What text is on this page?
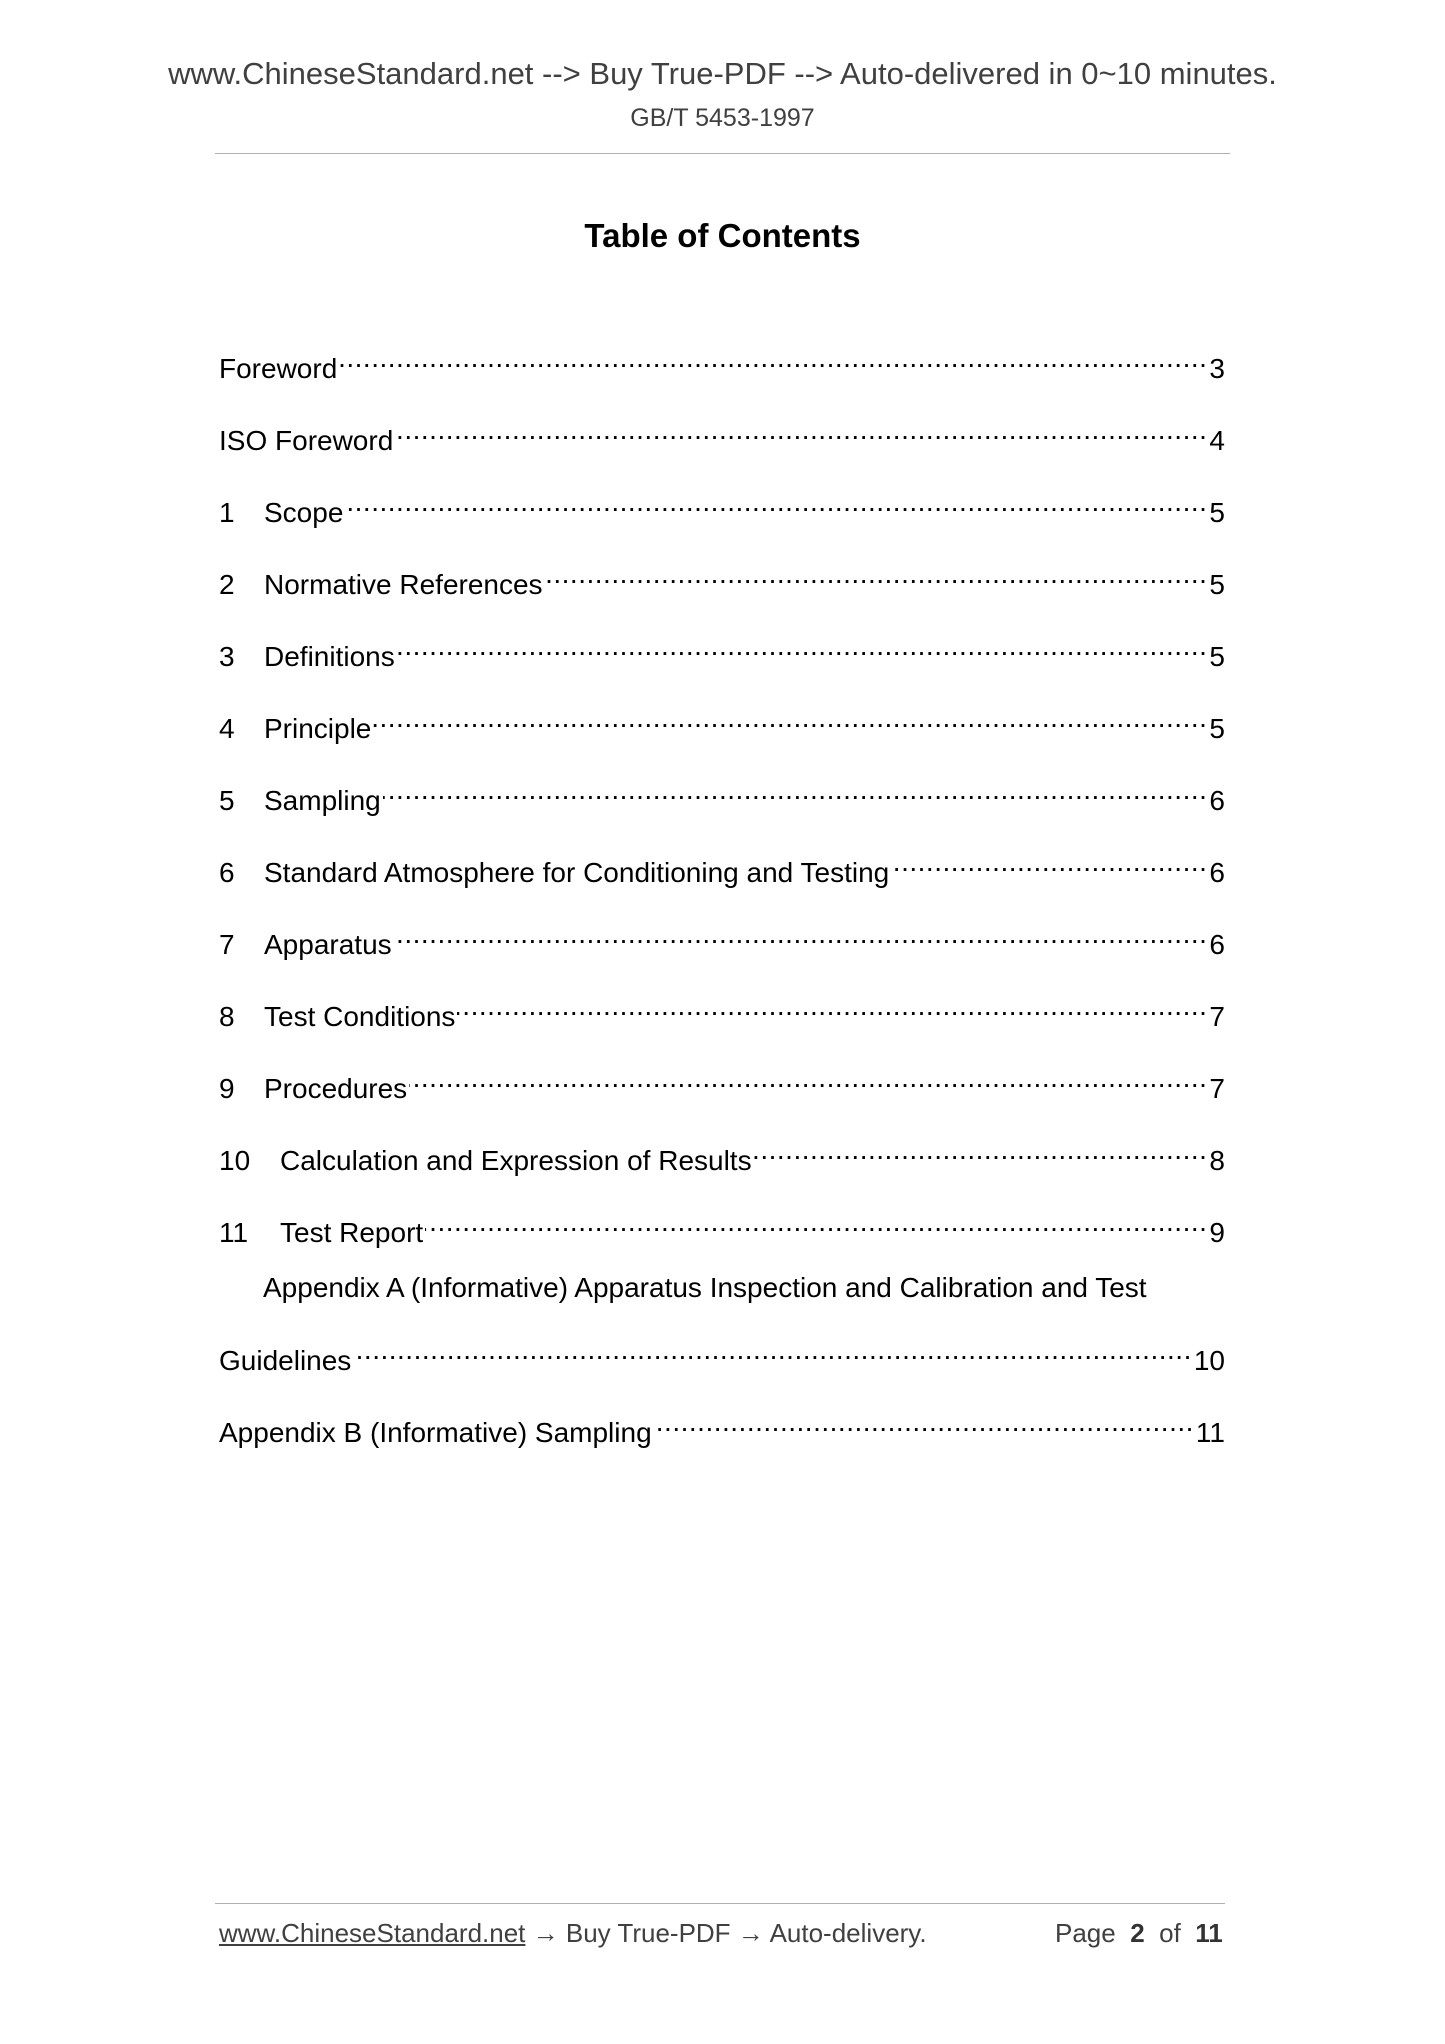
www.ChineseStandard.net --> Buy True-PDF --> Auto-delivered in 0~10 minutes.
GB/T 5453-1997
Table of Contents
Foreword .....	3
ISO Foreword .....	4
1	Scope .....	5
2	Normative References .....	5
3	Definitions .....	5
4	Principle .....	5
5	Sampling .....	6
6	Standard Atmosphere for Conditioning and Testing .....	6
7	Apparatus .....	6
8	Test Conditions .....	7
9	Procedures .....	7
10	Calculation and Expression of Results .....	8
11	Test Report .....	9
Appendix A (Informative) Apparatus Inspection and Calibration and Test
Guidelines .....	10
Appendix B (Informative) Sampling .....	11
www.ChineseStandard.net → Buy True-PDF → Auto-delivery.	Page 2 of 11
